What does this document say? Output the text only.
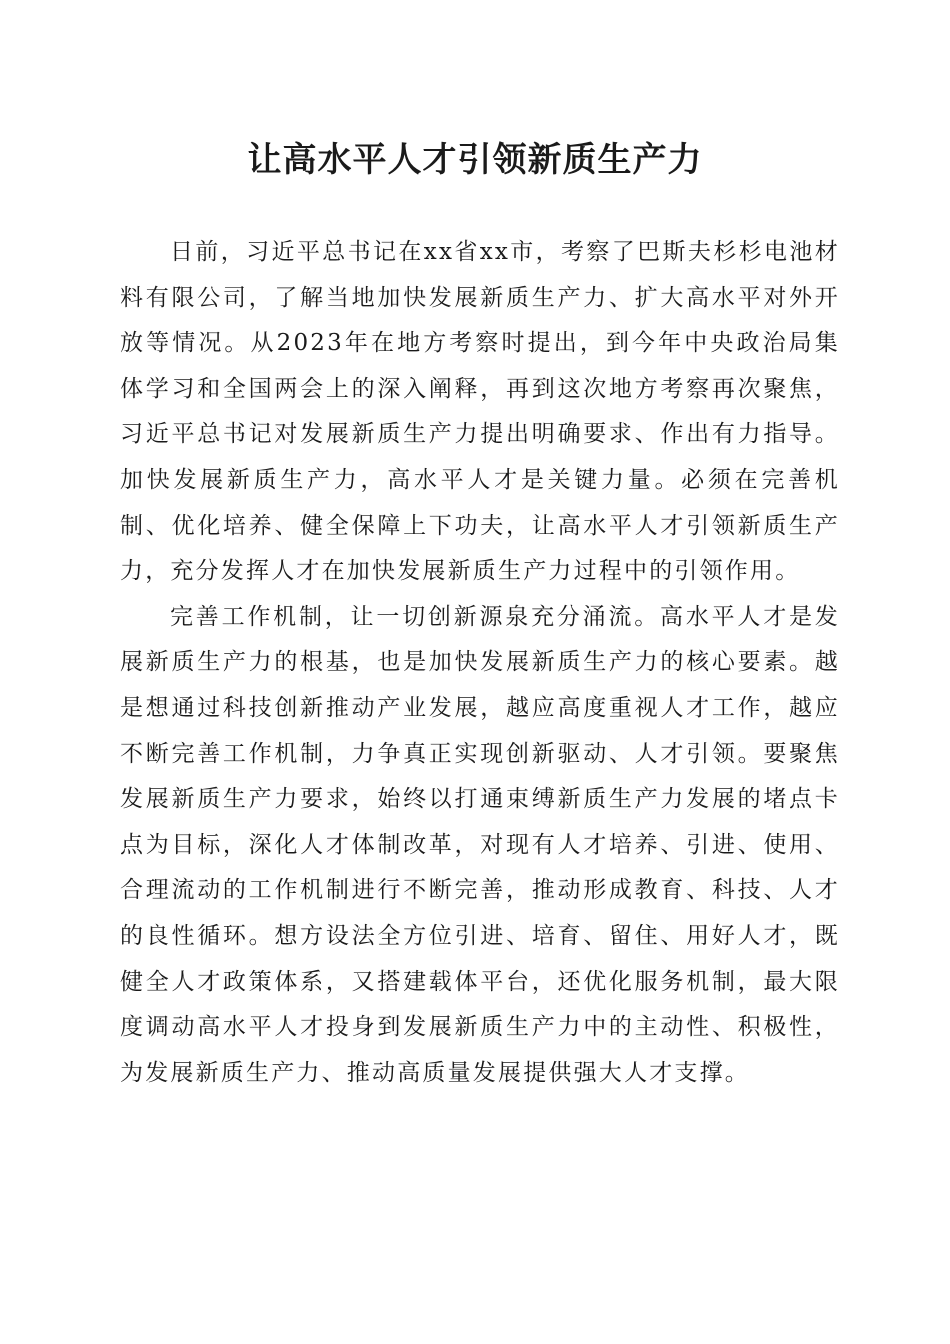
让高水平人才引领新质生产力

日前，习近平总书记在xx省xx市，考察了巴斯夫杉杉电池材料有限公司，了解当地加快发展新质生产力、扩大高水平对外开放等情况。从2023年在地方考察时提出，到今年中央政治局集体学习和全国两会上的深入阐释，再到这次地方考察再次聚焦，习近平总书记对发展新质生产力提出明确要求、作出有力指导。加快发展新质生产力，高水平人才是关键力量。必须在完善机制、优化培养、健全保障上下功夫，让高水平人才引领新质生产力，充分发挥人才在加快发展新质生产力过程中的引领作用。

完善工作机制，让一切创新源泉充分涌流。高水平人才是发展新质生产力的根基，也是加快发展新质生产力的核心要素。越是想通过科技创新推动产业发展，越应高度重视人才工作，越应不断完善工作机制，力争真正实现创新驱动、人才引领。要聚焦发展新质生产力要求，始终以打通束缚新质生产力发展的堵点卡点为目标，深化人才体制改革，对现有人才培养、引进、使用、合理流动的工作机制进行不断完善，推动形成教育、科技、人才的良性循环。想方设法全方位引进、培育、留住、用好人才，既健全人才政策体系，又搭建载体平台，还优化服务机制，最大限度调动高水平人才投身到发展新质生产力中的主动性、积极性，为发展新质生产力、推动高质量发展提供强大人才支撑。
